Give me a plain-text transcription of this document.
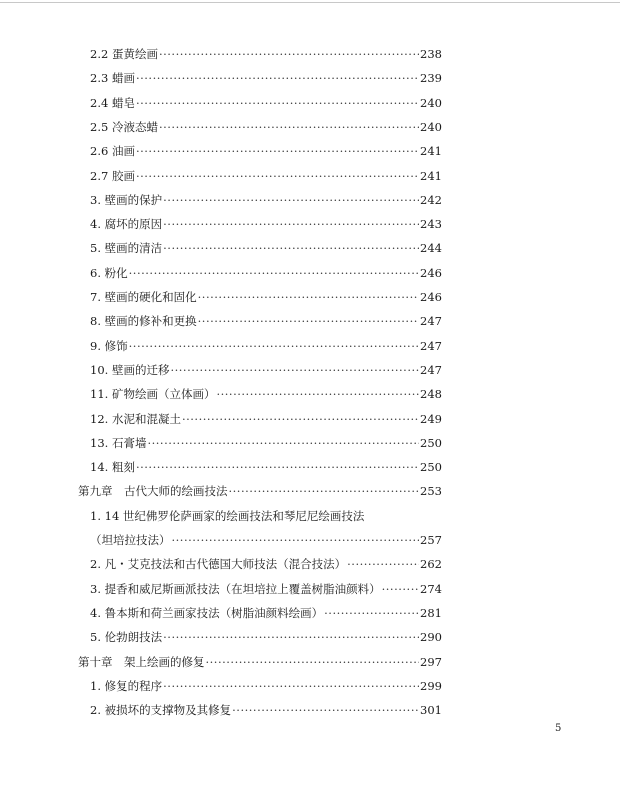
2.2 蛋黄绘画 ·····	238
2.3 蜡画 ·····	239
2.4 蜡皂 ·····	240
2.5 冷液态蜡 ·····	240
2.6 油画 ·····	241
2.7 胶画 ·····	241
3. 壁画的保护 ·····	242
4. 腐坏的原因 ·····	243
5. 壁画的清洁 ·····	244
6. 粉化 ·····	246
7. 壁画的硬化和固化 ·····	246
8. 壁画的修补和更换 ·····	247
9. 修饰 ·····	247
10. 壁画的迁移 ·····	247
11. 矿物绘画（立体画） ·····	248
12. 水泥和混凝土 ·····	249
13. 石膏墙 ·····	250
14. 粗刻 ·····	250
第九章　古代大师的绘画技法 ·····	253
1. 14 世纪佛罗伦萨画家的绘画技法和琴尼尼绘画技法
（坦培拉技法） ·····	257
2. 凡・艾克技法和古代德国大师技法（混合技法） ·····	262
3. 提香和威尼斯画派技法（在坦培拉上覆盖树脂油颜料） ·····	274
4. 鲁本斯和荷兰画家技法（树脂油颜料绘画） ·····	281
5. 伦勃朗技法 ·····	290
第十章　架上绘画的修复 ·····	297
1. 修复的程序 ·····	299
2. 被损坏的支撑物及其修复 ·····	301
5
